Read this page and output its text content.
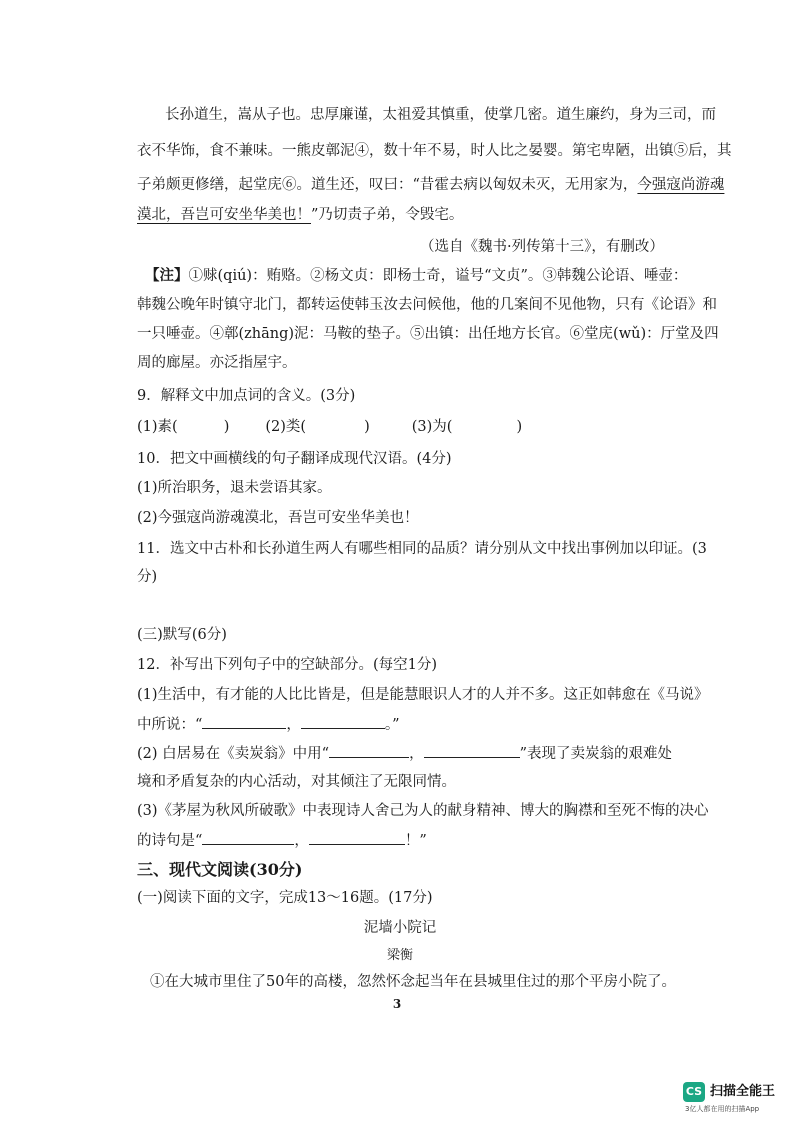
长孙道生，嵩从子也。忠厚廉谨，太祖爱其慎重，使掌几密。道生廉约，身为三司，而
衣不华饰，食不兼味。一熊皮鄣泥④，数十年不易，时人比之晏婴。第宅卑陋，出镇⑤后，其
子弟颇更修缮，起堂庑⑥。道生还，叹曰：“昔霍去病以匈奴未灭，无用家为，今强寇尚游魂
漠北，吾岂可安坐华美也！”乃切责子弟，令毁宅。
（选自《魏书·列传第十三》，有删改）
【注】①赇(qiú)：贿赂。②杨文贞：即杨士奇，谥号“文贞”。③韩魏公论语、唾壶：
韩魏公晚年时镇守北门，都转运使韩玉汝去问候他，他的几案间不见他物，只有《论语》和
一只唾壶。④鄣(zhāng)泥：马鞍的垫子。⑤出镇：出任地方长官。⑥堂庑(wǔ)：厅堂及四
周的廊屋。亦泛指屋宇。
9．解释文中加点词的含义。(3分)
(1)素(	) (2)类(	)	(3)为(	)
10．把文中画横线的句子翻译成现代汉语。(4分)
(1)所治职务，退未尝语其家。
(2)今强寇尚游魂漠北，吾岂可安坐华美也！
11．选文中古朴和长孙道生两人有哪些相同的品质？请分别从文中找出事例加以印证。(3
分)
(三)默写(6分)
12．补写出下列句子中的空缺部分。(每空1分)
(1)生活中，有才能的人比比皆是，但是能慧眼识人才的人并不多。这正如韩愈在《马说》
中所说：“	，	。”
(2) 白居易在《卖炭翁》中用“	，	”表现了卖炭翁的艰难处
境和矛盾复杂的内心活动，对其倾注了无限同情。
(3)《茅屋为秋风所破歌》中表现诗人舍己为人的献身精神、博大的胸襟和至死不悔的决心
的诗句是“	，	！”
三、现代文阅读(30分)
(一)阅读下面的文字，完成13～16题。(17分)
泥墙小院记
梁衡
①在大城市里住了50年的高楼，忽然怀念起当年在县城里住过的那个平房小院了。
3
CS 扫描全能王
3亿人都在用的扫描App
